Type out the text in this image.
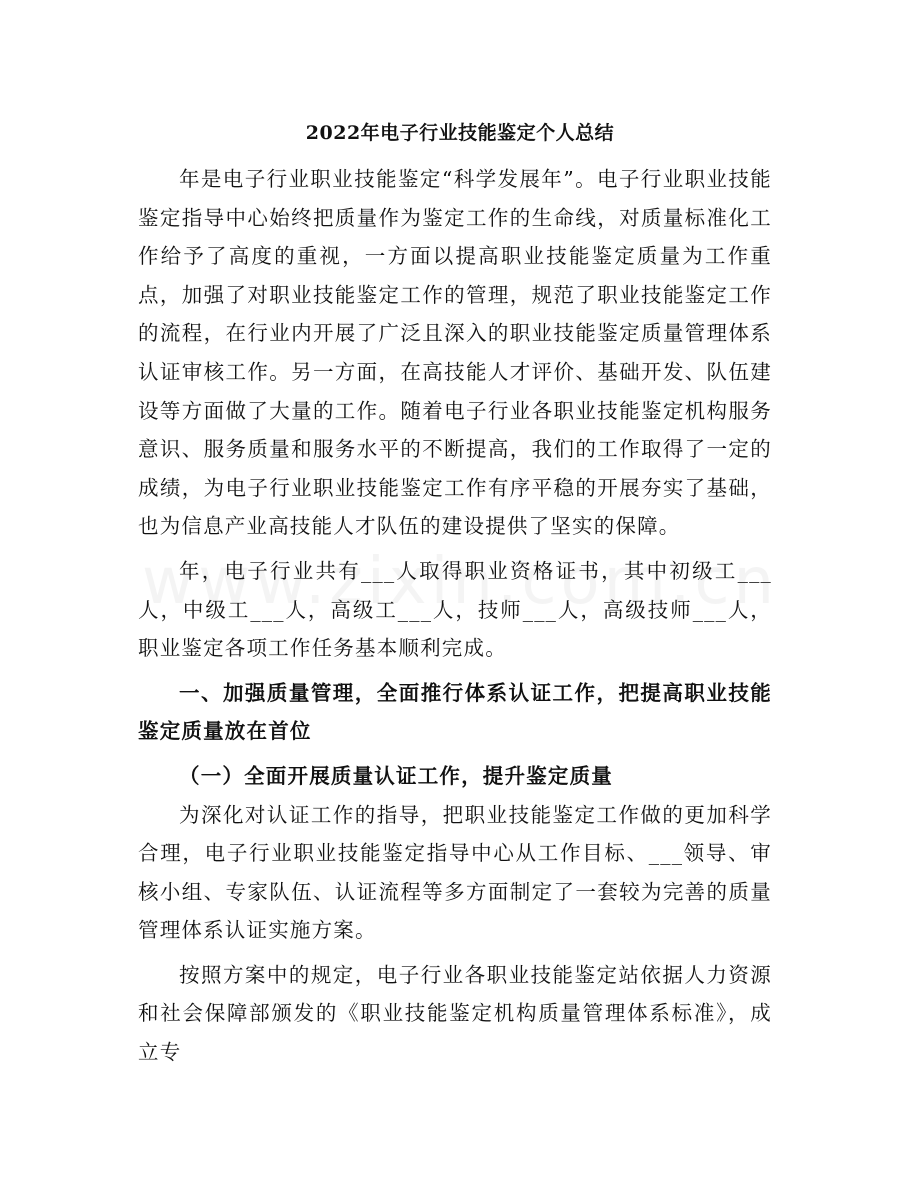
2022年电子行业技能鉴定个人总结

年是电子行业职业技能鉴定“科学发展年”。电子行业职业技能鉴定指导中心始终把质量作为鉴定工作的生命线，对质量标准化工作给予了高度的重视，一方面以提高职业技能鉴定质量为工作重点，加强了对职业技能鉴定工作的管理，规范了职业技能鉴定工作的流程，在行业内开展了广泛且深入的职业技能鉴定质量管理体系认证审核工作。另一方面，在高技能人才评价、基础开发、队伍建设等方面做了大量的工作。随着电子行业各职业技能鉴定机构服务意识、服务质量和服务水平的不断提高，我们的工作取得了一定的成绩，为电子行业职业技能鉴定工作有序平稳的开展夯实了基础，也为信息产业高技能人才队伍的建设提供了坚实的保障。

年，电子行业共有___人取得职业资格证书，其中初级工___人，中级工___人，高级工___人，技师___人，高级技师___人，职业鉴定各项工作任务基本顺利完成。

一、加强质量管理，全面推行体系认证工作，把提高职业技能鉴定质量放在首位

（一）全面开展质量认证工作，提升鉴定质量

为深化对认证工作的指导，把职业技能鉴定工作做的更加科学合理，电子行业职业技能鉴定指导中心从工作目标、___领导、审核小组、专家队伍、认证流程等多方面制定了一套较为完善的质量管理体系认证实施方案。

按照方案中的规定，电子行业各职业技能鉴定站依据人力资源和社会保障部颁发的《职业技能鉴定机构质量管理体系标准》，成立专
